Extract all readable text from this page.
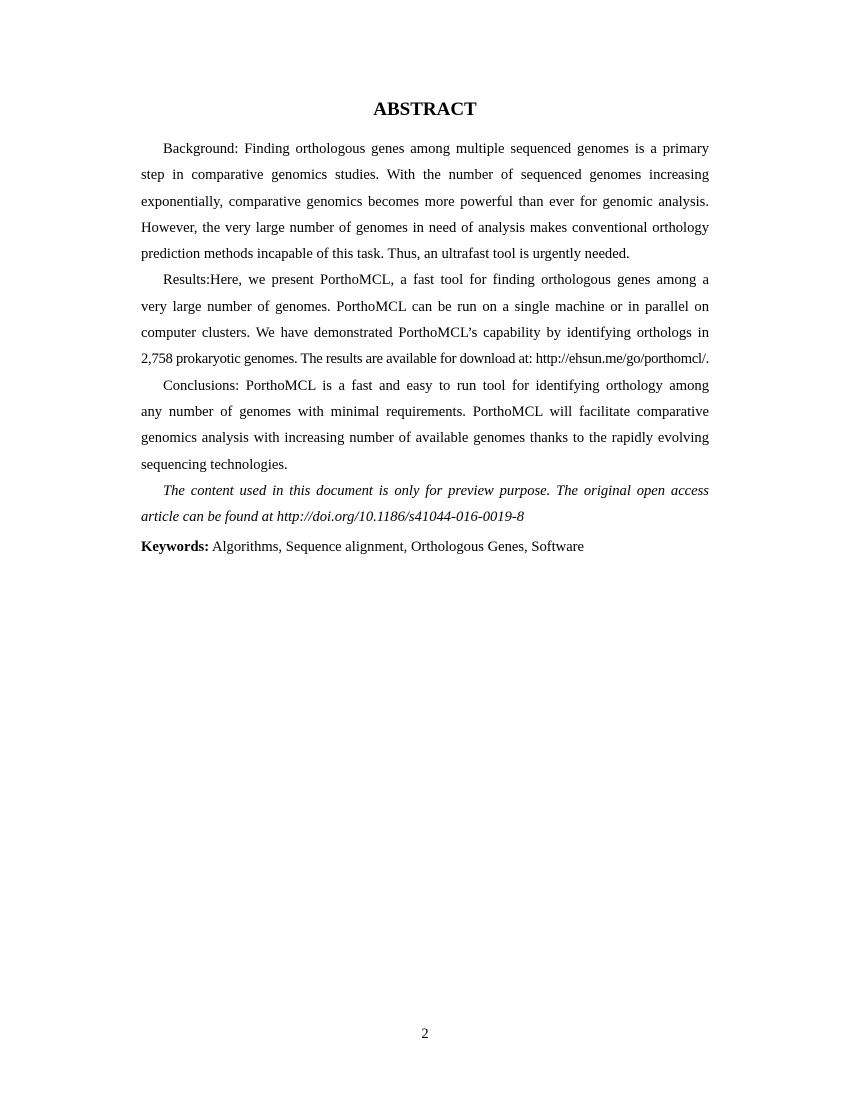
ABSTRACT
Background: Finding orthologous genes among multiple sequenced genomes is a primary
step in comparative genomics studies. With the number of sequenced genomes increasing
exponentially, comparative genomics becomes more powerful than ever for genomic analysis.
However, the very large number of genomes in need of analysis makes conventional orthology
prediction methods incapable of this task. Thus, an ultrafast tool is urgently needed.
Results:Here, we present PorthoMCL, a fast tool for finding orthologous genes among a
very large number of genomes. PorthoMCL can be run on a single machine or in parallel on
computer clusters. We have demonstrated PorthoMCL’s capability by identifying orthologs in
2,758 prokaryotic genomes. The results are available for download at: http://ehsun.me/go/porthomcl/.
Conclusions: PorthoMCL is a fast and easy to run tool for identifying orthology among
any number of genomes with minimal requirements. PorthoMCL will facilitate comparative
genomics analysis with increasing number of available genomes thanks to the rapidly evolving
sequencing technologies.
The content used in this document is only for preview purpose. The original open access
article can be found at http://doi.org/10.1186/s41044-016-0019-8
Keywords: Algorithms, Sequence alignment, Orthologous Genes, Software
2
